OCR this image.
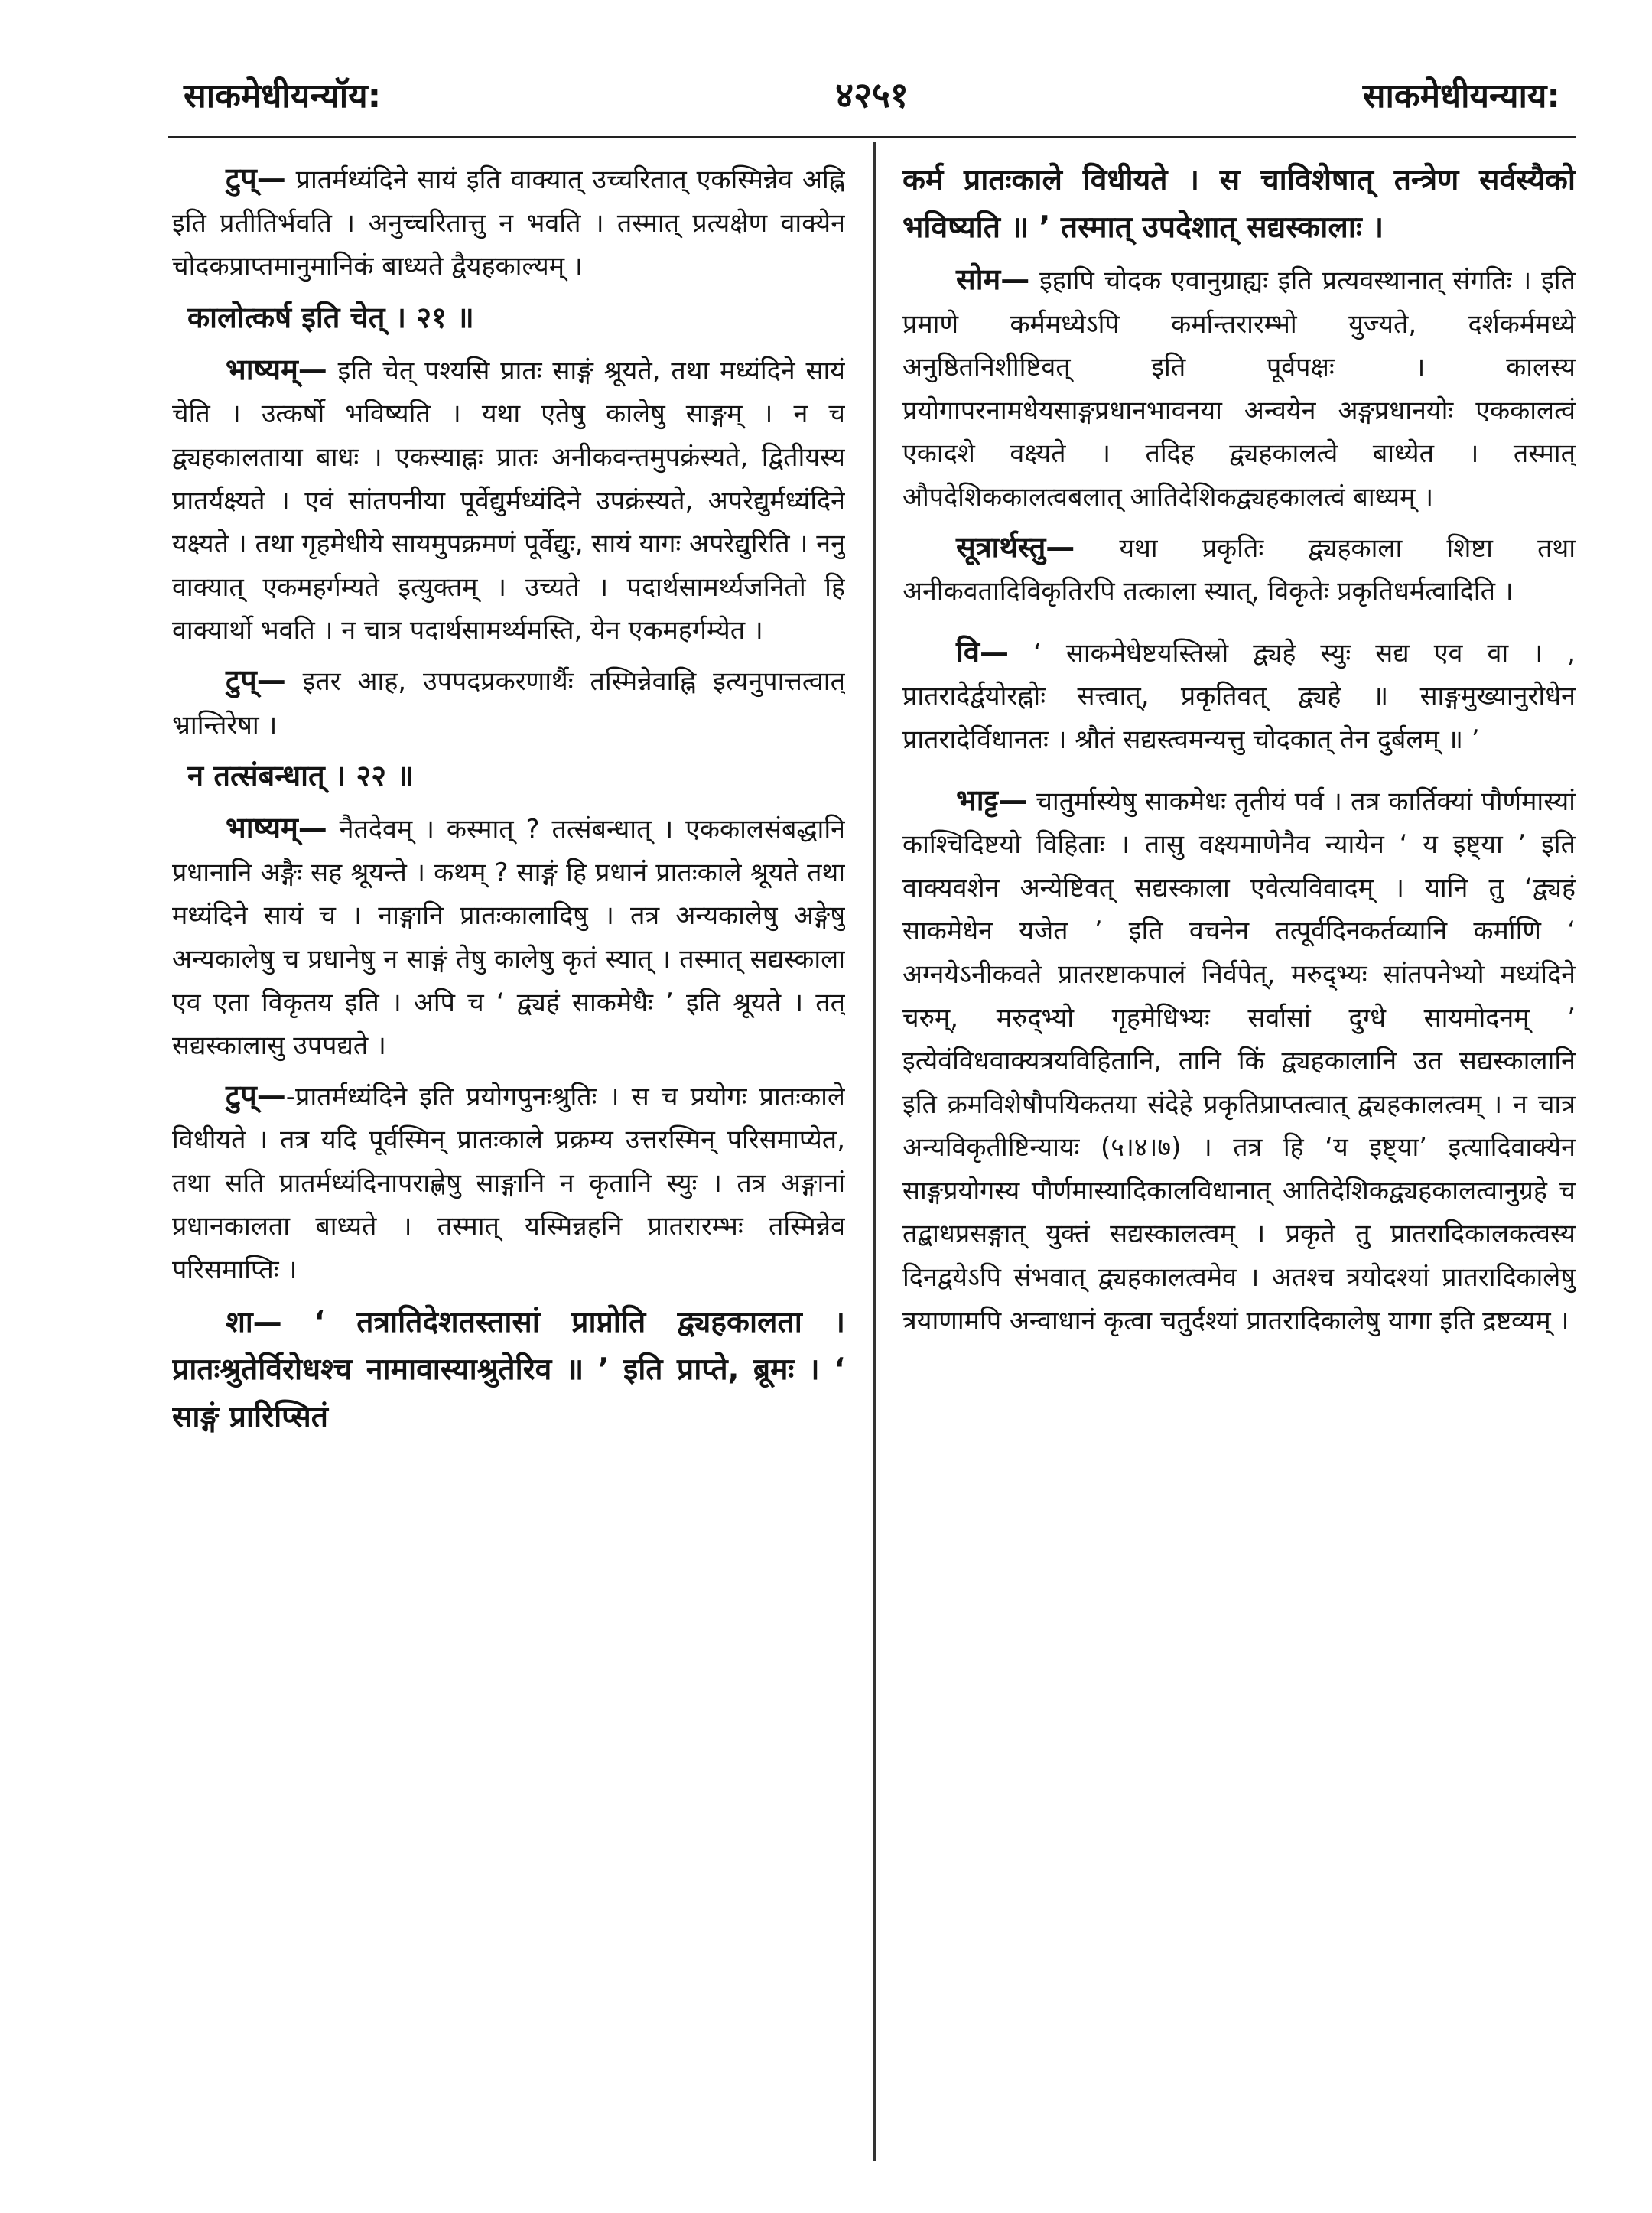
साकमेधीयन्यॉय:	४२५१	साकमेधीयन्याय:

टुप्— प्रातर्मध्यंदिने सायं इति वाक्यात् उच्चरितात् एकस्मिन्नेव अह्नि इति प्रतीतिर्भवति । अनुच्चरितात्तु न भवति । तस्मात् प्रत्यक्षेण वाक्येन चोदकप्राप्तमानुमानिकं बाध्यते द्वैयहकाल्यम् ।

कालोत्कर्ष इति चेत् । २१ ॥

भाष्यम्— इति चेत् पश्यसि प्रातः साङ्गं श्रूयते, तथा मध्यंदिने सायं चेति । उत्कर्षो भविष्यति । यथा एतेषु कालेषु साङ्गम् । न च द्व्यहकालताया बाधः । एकस्याह्नः प्रातः अनीकवन्तमुपक्रंस्यते, द्वितीयस्य प्रातर्यक्ष्यते । एवं सांतपनीया पूर्वेद्युर्मध्यंदिने उपक्रंस्यते, अपरेद्युर्मध्यंदिने यक्ष्यते । तथा गृहमेधीये सायमुपक्रमणं पूर्वेद्युः, सायं यागः अपरेद्युरिति । ननु वाक्यात् एकमहर्गम्यते इत्युक्तम् । उच्यते । पदार्थसामर्थ्यजनितो हि वाक्यार्थो भवति । न चात्र पदार्थसामर्थ्यमस्ति, येन एकमहर्गम्येत ।

टुप्— इतर आह, उपपदप्रकरणार्थैः तस्मिन्नेवाह्नि इत्यनुपात्तत्वात् भ्रान्तिरेषा ।

न तत्संबन्धात् । २२ ॥

भाष्यम्— नैतदेवम् । कस्मात् ? तत्संबन्धात् । एककालसंबद्धानि प्रधानानि अङ्गैः सह श्रूयन्ते । कथम् ? साङ्गं हि प्रधानं प्रातःकाले श्रूयते तथा मध्यंदिने सायं च । नाङ्गानि प्रातःकालादिषु । तत्र अन्यकालेषु अङ्गेषु अन्यकालेषु च प्रधानेषु न साङ्गं तेषु कालेषु कृतं स्यात् । तस्मात् सद्यस्काला एव एता विकृतय इति । अपि च ‘ द्व्यहं साकमेधैः ’ इति श्रूयते । तत् सद्यस्कालासु उपपद्यते ।

टुप्—-प्रातर्मध्यंदिने इति प्रयोगपुनःश्रुतिः । स च प्रयोगः प्रातःकाले विधीयते । तत्र यदि पूर्वस्मिन् प्रातःकाले प्रक्रम्य उत्तरस्मिन् परिसमाप्येत, तथा सति प्रातर्मध्यंदिनापराह्णेषु साङ्गानि न कृतानि स्युः । तत्र अङ्गानां प्रधानकालता बाध्यते । तस्मात् यस्मिन्नहनि प्रातरारम्भः तस्मिन्नेव परिसमाप्तिः ।

शा— ‘ तत्रातिदेशतस्तासां प्राप्नोति द्व्यहकालता । प्रातःश्रुतेर्विरोधश्च नामावास्याश्रुतेरिव ॥ ’ इति प्राप्ते, ब्रूमः । ‘ साङ्गं प्रारिप्सितं

कर्म प्रातःकाले विधीयते । स चाविशेषात् तन्त्रेण सर्वस्यैको भविष्यति ॥ ’ तस्मात् उपदेशात् सद्यस्कालाः ।

सोम— इहापि चोदक एवानुग्राह्यः इति प्रत्यवस्थानात् संगतिः । इति प्रमाणे कर्ममध्येऽपि कर्मान्तरारम्भो युज्यते, दर्शकर्ममध्ये अनुष्ठितनिशीष्टिवत् इति पूर्वपक्षः । कालस्य प्रयोगापरनामधेयसाङ्गप्रधानभावनया अन्वयेन अङ्गप्रधानयोः एककालत्वं एकादशे वक्ष्यते । तदिह द्व्यहकालत्वे बाध्येत । तस्मात् औपदेशिककालत्वबलात् आतिदेशिकद्व्यहकालत्वं बाध्यम् ।

सूत्रार्थस्तु— यथा प्रकृतिः द्व्यहकाला शिष्टा तथा अनीकवतादिविकृतिरपि तत्काला स्यात्, विकृतेः प्रकृतिधर्मत्वादिति ।

वि— ‘ साकमेधेष्टयस्तिस्रो द्व्यहे स्युः सद्य एव वा । , प्रातरादेर्द्वयोरह्नोः सत्त्वात्, प्रकृतिवत् द्व्यहे ॥ साङ्गमुख्यानुरोधेन प्रातरादेर्विधानतः । श्रौतं सद्यस्त्वमन्यत्तु चोदकात् तेन दुर्बलम् ॥ ’

भाट्ट— चातुर्मास्येषु साकमेधः तृतीयं पर्व । तत्र कार्तिक्यां पौर्णमास्यां काश्चिदिष्टयो विहिताः । तासु वक्ष्यमाणेनैव न्यायेन ‘ य इष्ट्या ’ इति वाक्यवशेन अन्येष्टिवत् सद्यस्काला एवेत्यविवादम् । यानि तु ‘द्व्यहं साकमेधेन यजेत ’ इति वचनेन तत्पूर्वदिनकर्तव्यानि कर्माणि ‘ अग्नयेऽनीकवते प्रातरष्टाकपालं निर्वपेत्, मरुद्भ्यः सांतपनेभ्यो मध्यंदिने चरुम्, मरुद्भ्यो गृहमेधिभ्यः सर्वासां दुग्धे सायमोदनम् ’ इत्येवंविधवाक्यत्रयविहितानि, तानि किं द्व्यहकालानि उत सद्यस्कालानि इति क्रमविशेषौपयिकतया संदेहे प्रकृतिप्राप्तत्वात् द्व्यहकालत्वम् । न चात्र अन्यविकृतीष्टिन्यायः (५।४।७) । तत्र हि ‘य इष्ट्या’ इत्यादिवाक्येन साङ्गप्रयोगस्य पौर्णमास्यादिकालविधानात् आतिदेशिकद्व्यहकालत्वानुग्रहे च तद्बाधप्रसङ्गात् युक्तं सद्यस्कालत्वम् । प्रकृते तु प्रातरादिकालकत्वस्य दिनद्वयेऽपि संभवात् द्व्यहकालत्वमेव । अतश्च त्रयोदश्यां प्रातरादिकालेषु त्रयाणामपि अन्वाधानं कृत्वा चतुर्दश्यां प्रातरादिकालेषु यागा इति द्रष्टव्यम् ।
